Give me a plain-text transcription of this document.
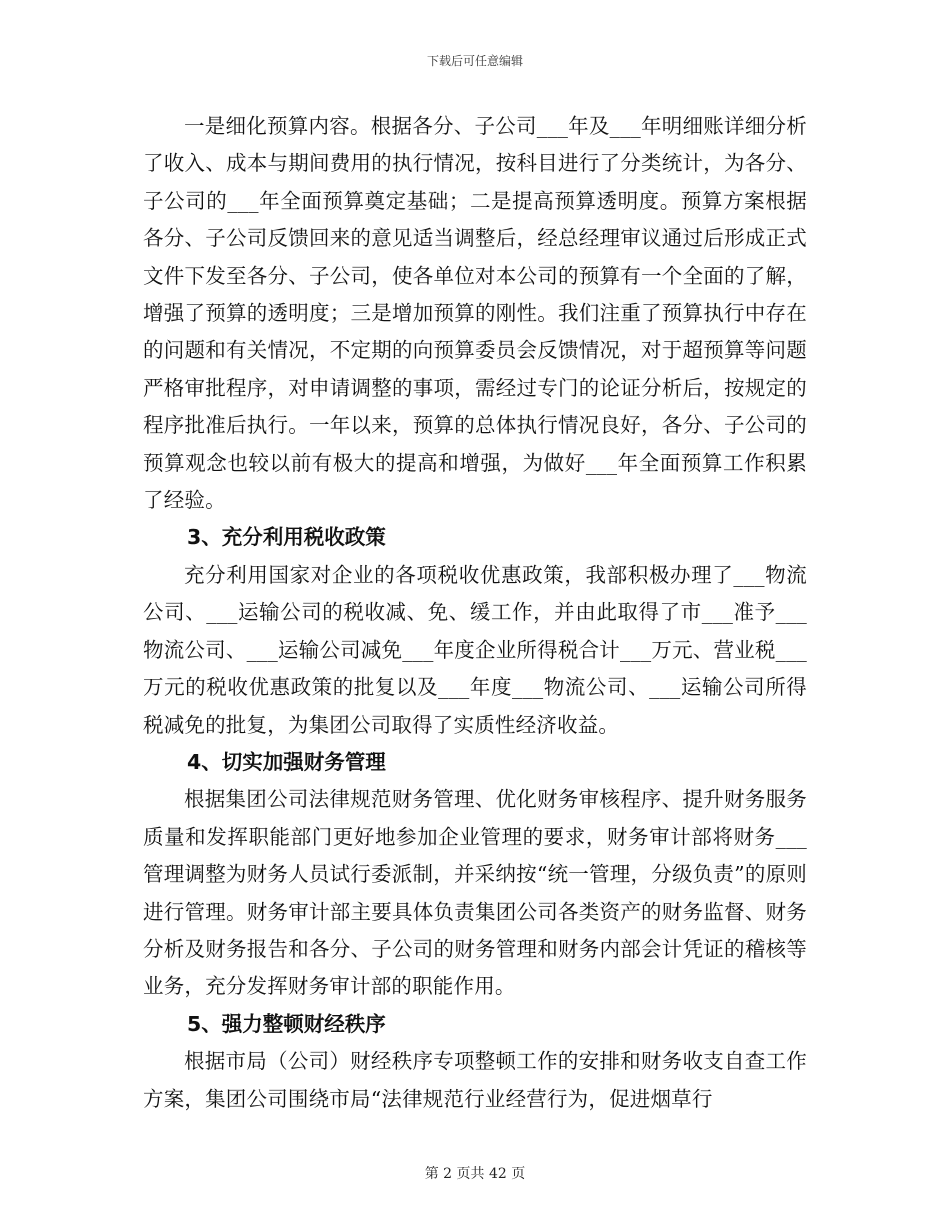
下载后可任意编辑

一是细化预算内容。根据各分、子公司___年及___年明细账详细分析了收入、成本与期间费用的执行情况，按科目进行了分类统计，为各分、子公司的___年全面预算奠定基础；二是提高预算透明度。预算方案根据各分、子公司反馈回来的意见适当调整后，经总经理审议通过后形成正式文件下发至各分、子公司，使各单位对本公司的预算有一个全面的了解，增强了预算的透明度；三是增加预算的刚性。我们注重了预算执行中存在的问题和有关情况，不定期的向预算委员会反馈情况，对于超预算等问题严格审批程序，对申请调整的事项，需经过专门的论证分析后，按规定的程序批准后执行。一年以来，预算的总体执行情况良好，各分、子公司的预算观念也较以前有极大的提高和增强，为做好___年全面预算工作积累了经验。

3、充分利用税收政策

充分利用国家对企业的各项税收优惠政策，我部积极办理了___物流公司、___运输公司的税收减、免、缓工作，并由此取得了市___准予___物流公司、___运输公司减免___年度企业所得税合计___万元、营业税___万元的税收优惠政策的批复以及___年度___物流公司、___运输公司所得税减免的批复，为集团公司取得了实质性经济收益。

4、切实加强财务管理

根据集团公司法律规范财务管理、优化财务审核程序、提升财务服务质量和发挥职能部门更好地参加企业管理的要求，财务审计部将财务___管理调整为财务人员试行委派制，并采纳按“统一管理，分级负责”的原则进行管理。财务审计部主要具体负责集团公司各类资产的财务监督、财务分析及财务报告和各分、子公司的财务管理和财务内部会计凭证的稽核等业务，充分发挥财务审计部的职能作用。

5、强力整顿财经秩序

根据市局（公司）财经秩序专项整顿工作的安排和财务收支自查工作方案，集团公司围绕市局“法律规范行业经营行为，促进烟草行

第 2 页共 42 页
